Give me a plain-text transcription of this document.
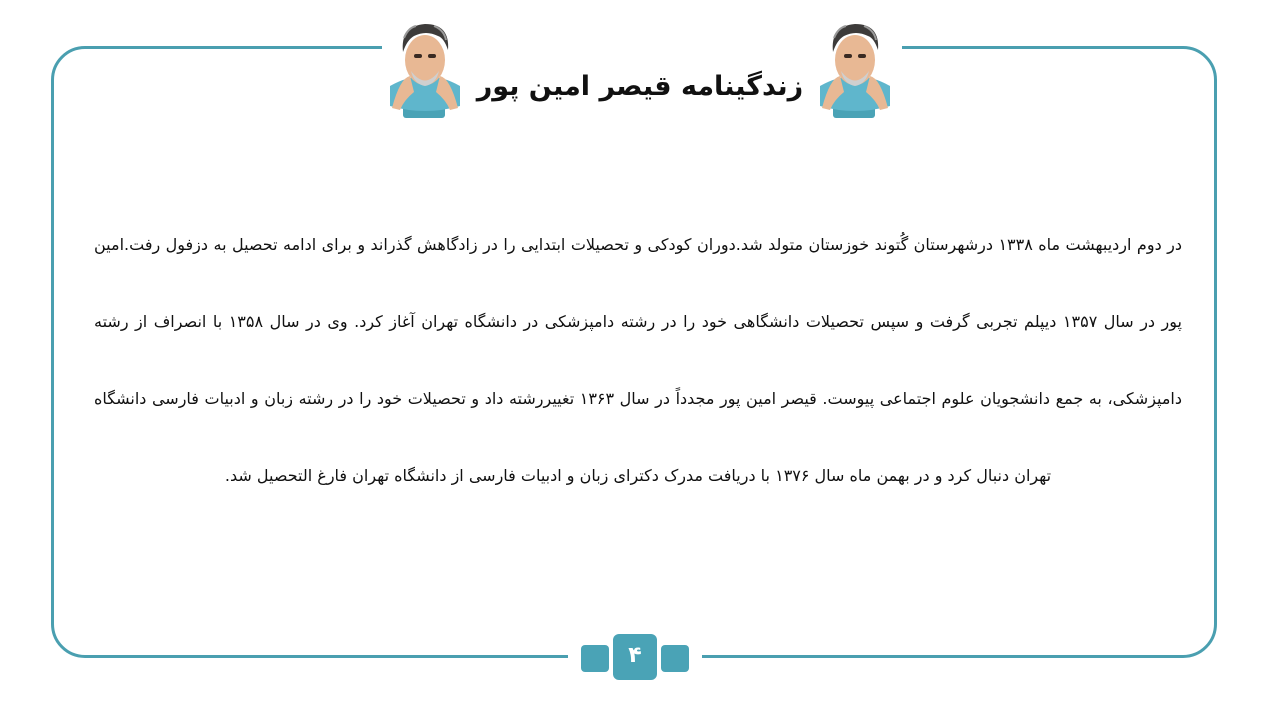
زندگینامه قیصر امین پور
در دوم اردیبهشت ماه ۱۳۳۸ درشهرستان گُتوند خوزستان متولد شد.دوران کودکی و تحصیلات ابتدایی را در زادگاهش گذراند و برای ادامه تحصیل به دزفول رفت.امین پور در سال ۱۳۵۷ دیپلم تجربی گرفت و سپس تحصیلات دانشگاهی خود را در رشته دامپزشکی در دانشگاه تهران آغاز کرد. وی در سال ۱۳۵۸ با انصراف از رشته دامپزشکی، به جمع دانشجویان علوم اجتماعی پیوست. قیصر امین پور مجدداً در سال ۱۳۶۳ تغییررشته داد و تحصیلات خود را در رشته زبان و ادبیات فارسی دانشگاه تهران دنبال کرد و در بهمن ماه سال ۱۳۷۶ با دریافت مدرک دکترای زبان و ادبیات فارسی از دانشگاه تهران فارغ التحصیل شد.
۴
